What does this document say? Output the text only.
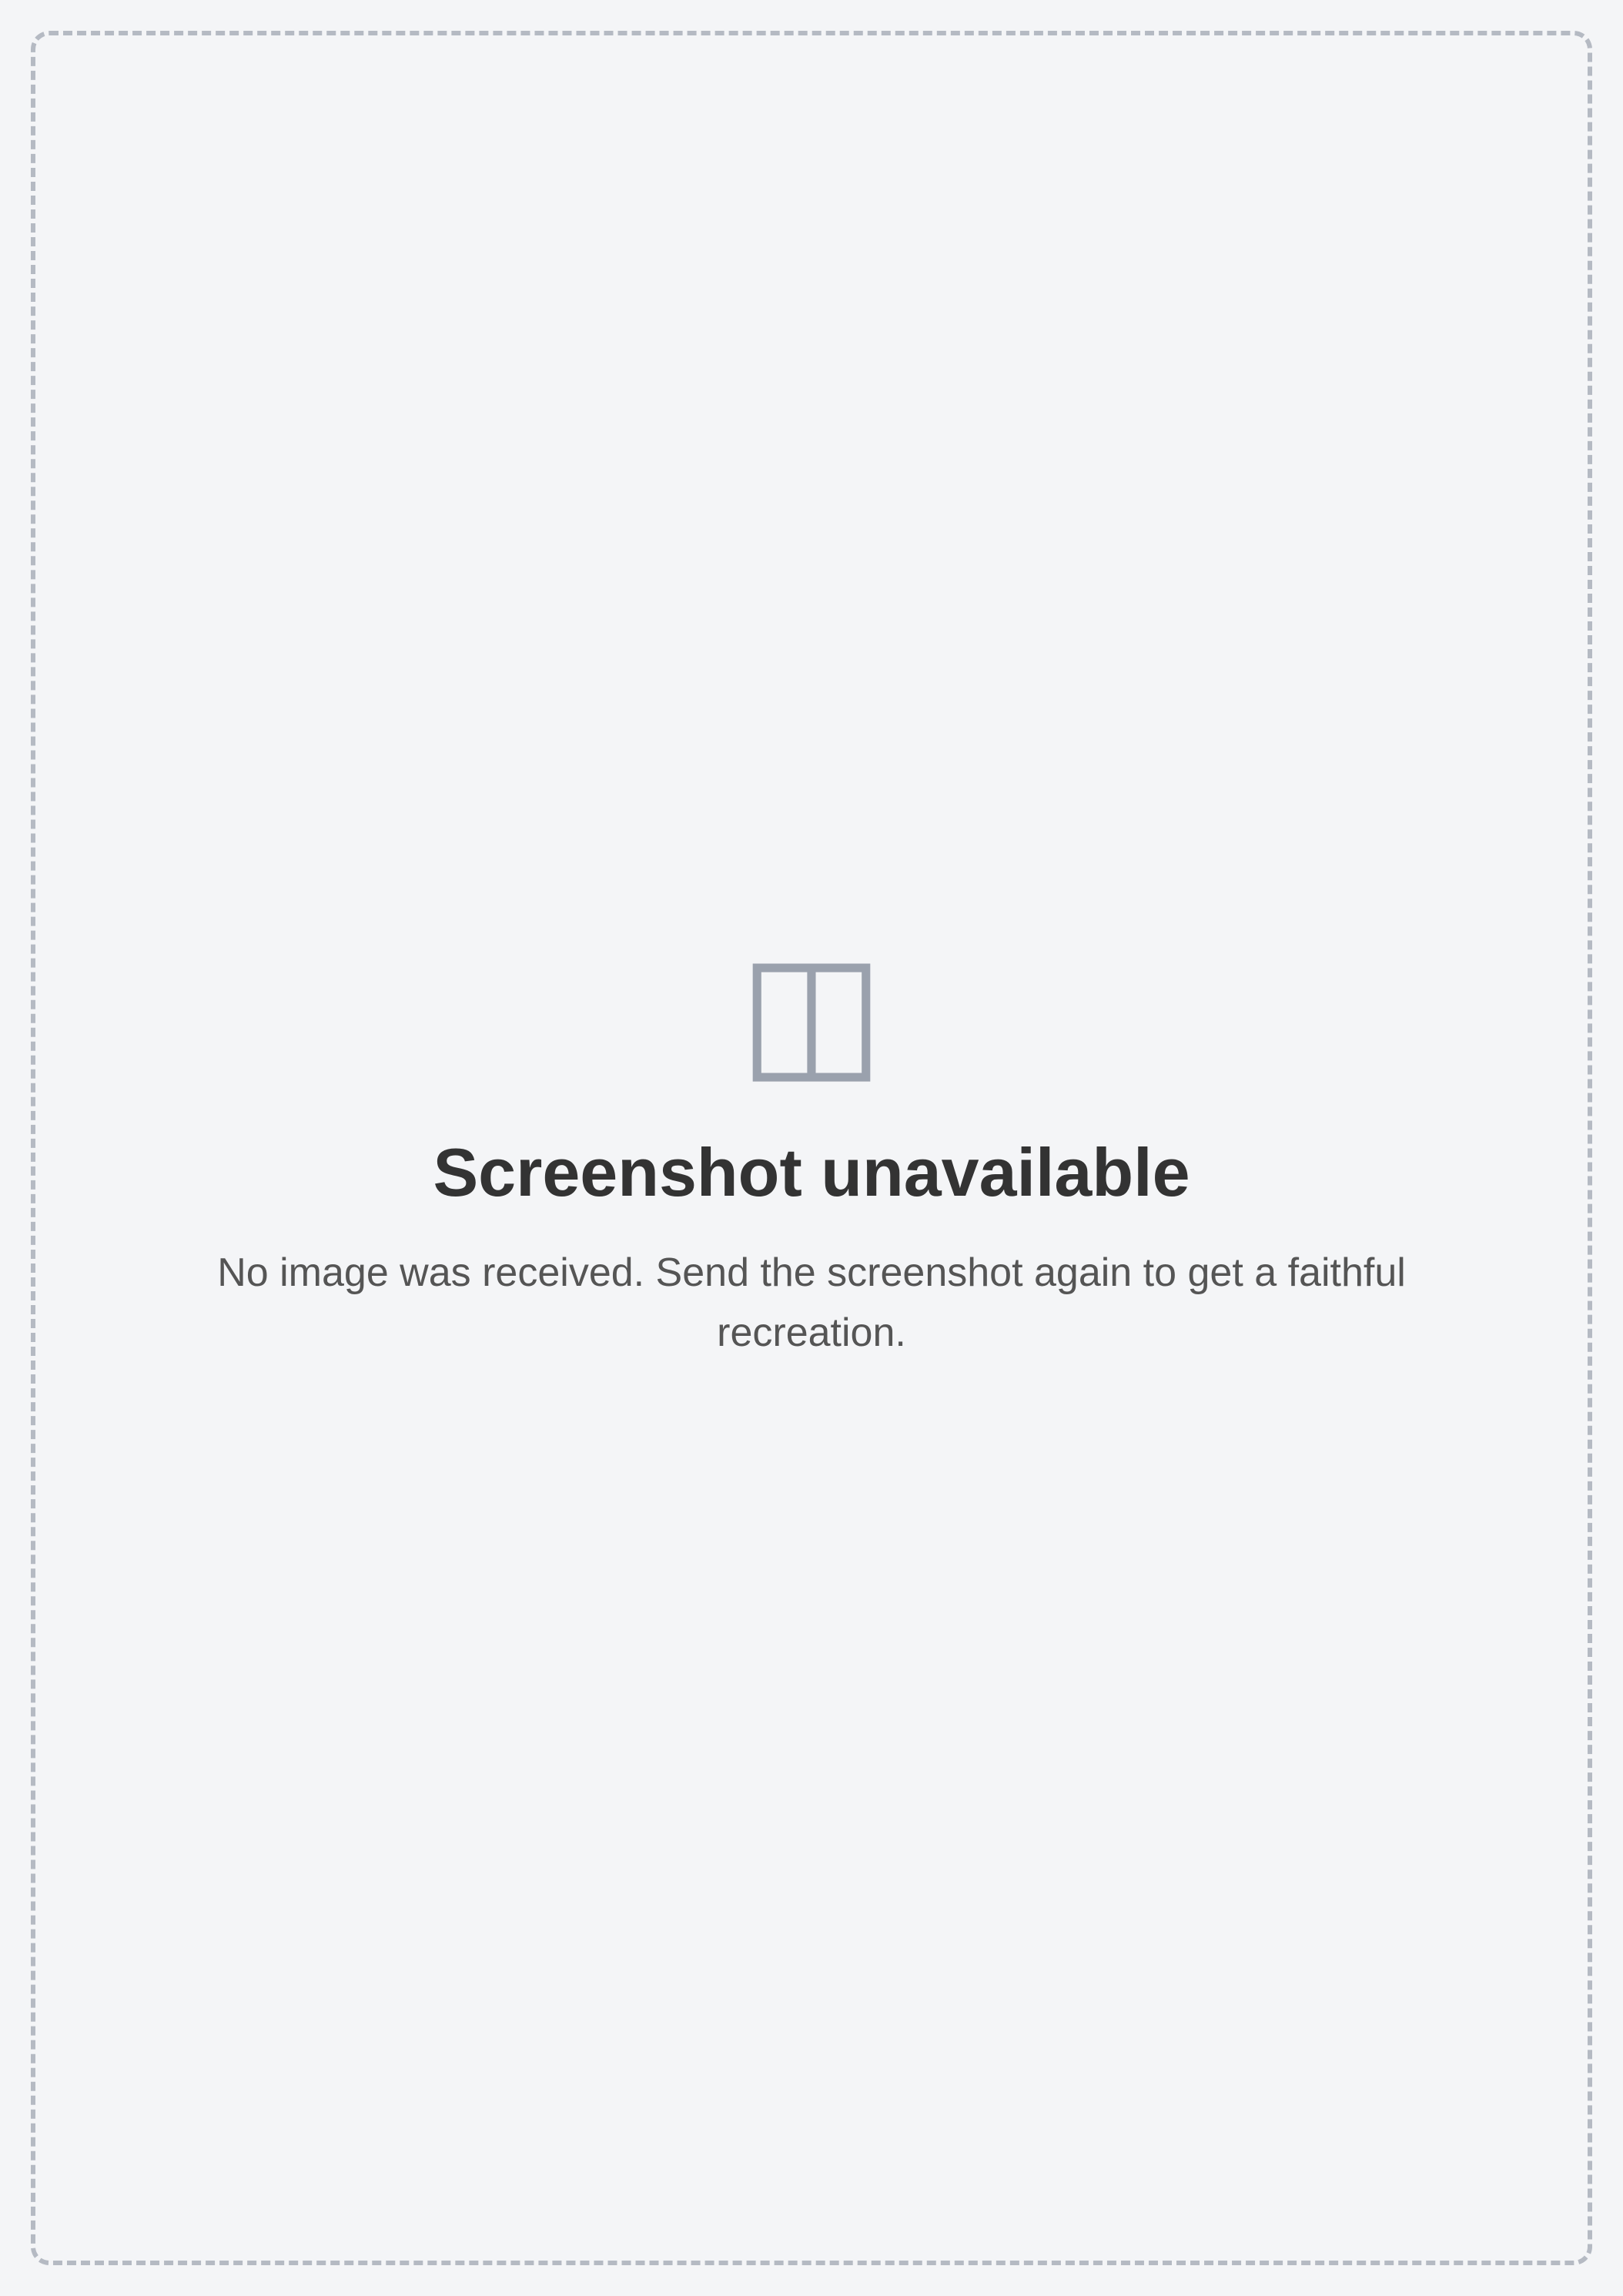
◫
Screenshot unavailable

No image was received. Send the screenshot again to get a faithful recreation.
